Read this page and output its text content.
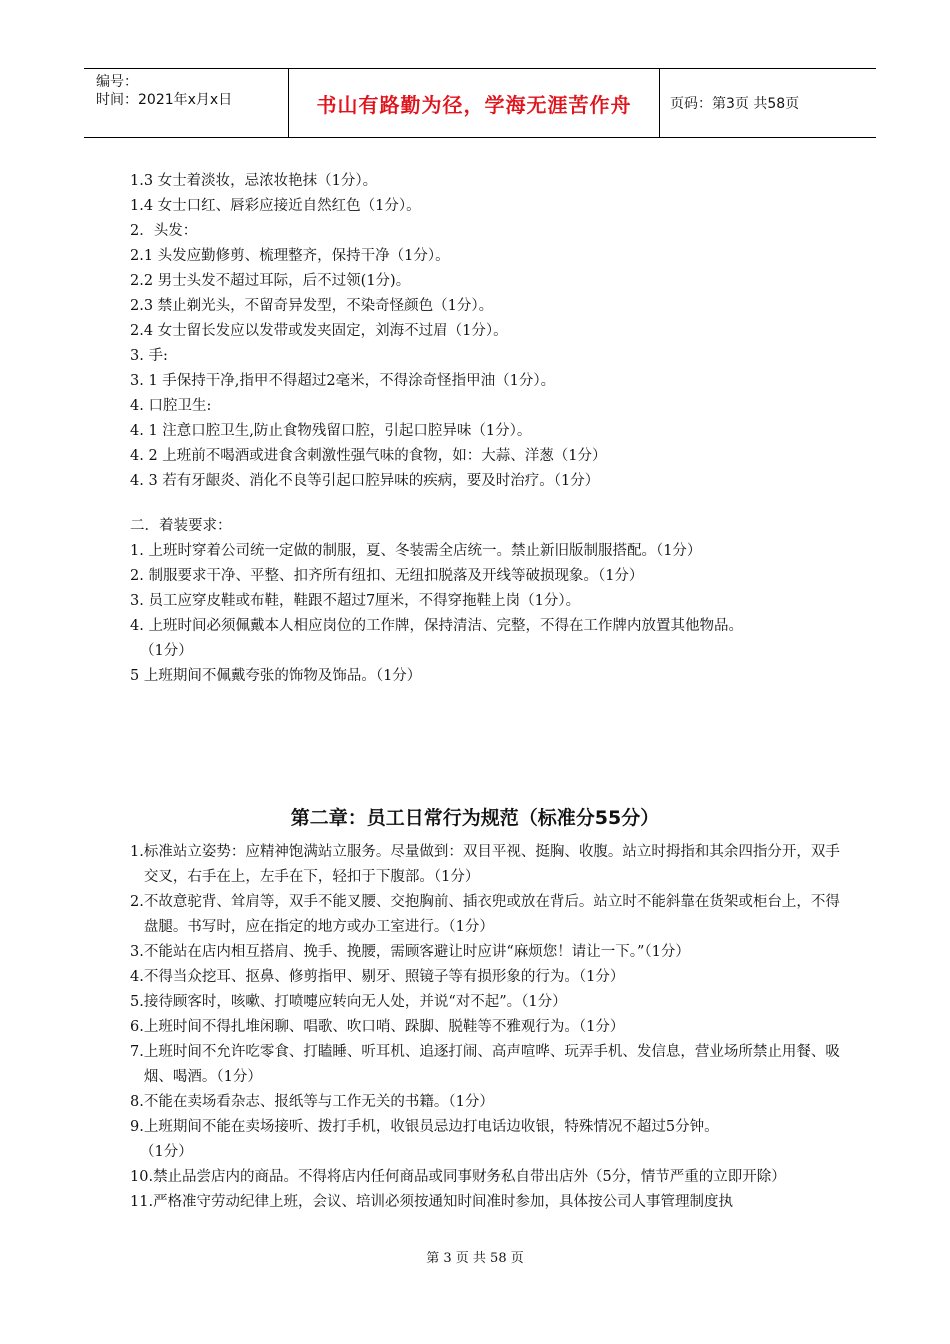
编号：
时间：2021年x月x日	书山有路勤为径，学海无涯苦作舟	页码：第3页 共58页
1.3 女士着淡妆，忌浓妆艳抹（1分）。
1.4 女士口红、唇彩应接近自然红色（1分）。
2．头发：
2.1 头发应勤修剪、梳理整齐，保持干净（1分）。
2.2 男士头发不超过耳际，后不过领(1分)。
2.3 禁止剃光头，不留奇异发型，不染奇怪颜色（1分）。
2.4 女士留长发应以发带或发夹固定，刘海不过眉（1分）。
3. 手:
3. 1 手保持干净,指甲不得超过2毫米，不得涂奇怪指甲油（1分）。
4. 口腔卫生:
4. 1 注意口腔卫生,防止食物残留口腔，引起口腔异味（1分）。
4. 2 上班前不喝酒或进食含刺激性强气味的食物，如：大蒜、洋葱（1分）
4. 3 若有牙龈炎、消化不良等引起口腔异味的疾病，要及时治疗。（1分）
二．着装要求：
1. 上班时穿着公司统一定做的制服，夏、冬装需全店统一。禁止新旧版制服搭配。（1分）
2. 制服要求干净、平整、扣齐所有纽扣、无纽扣脱落及开线等破损现象。（1分）
3. 员工应穿皮鞋或布鞋，鞋跟不超过7厘米，不得穿拖鞋上岗（1分）。
4. 上班时间必须佩戴本人相应岗位的工作牌，保持清洁、完整，不得在工作牌内放置其他物品。
（1分）
5 上班期间不佩戴夸张的饰物及饰品。（1分）
第二章：员工日常行为规范（标准分55分）
1. 标准站立姿势：应精神饱满站立服务。尽量做到：双目平视、挺胸、收腹。站立时拇指和其余四指分开，双手交叉，右手在上，左手在下，轻扣于下腹部。（1分）
2. 不故意驼背、耸肩等，双手不能叉腰、交抱胸前、插衣兜或放在背后。站立时不能斜靠在货架或柜台上，不得盘腿。书写时，应在指定的地方或办工室进行。（1分）
3. 不能站在店内相互搭肩、挽手、挽腰，需顾客避让时应讲“麻烦您！请让一下。”（1分）
4. 不得当众挖耳、抠鼻、修剪指甲、剔牙、照镜子等有损形象的行为。（1分）
5. 接待顾客时，咳嗽、打喷嚏应转向无人处，并说“对不起”。（1分）
6. 上班时间不得扎堆闲聊、唱歌、吹口哨、跺脚、脱鞋等不雅观行为。（1分）
7. 上班时间不允许吃零食、打瞌睡、听耳机、追逐打闹、高声喧哗、玩弄手机、发信息，营业场所禁止用餐、吸烟、喝酒。（1分）
8. 不能在卖场看杂志、报纸等与工作无关的书籍。（1分）
9. 上班期间不能在卖场接听、拨打手机，收银员忌边打电话边收银，特殊情况不超过5分钟。
（1分）
10. 禁止品尝店内的商品。不得将店内任何商品或同事财务私自带出店外（5分，情节严重的立即开除）
11. 严格准守劳动纪律上班，会议、培训必须按通知时间准时参加，具体按公司人事管理制度执
第 3 页 共 58 页
